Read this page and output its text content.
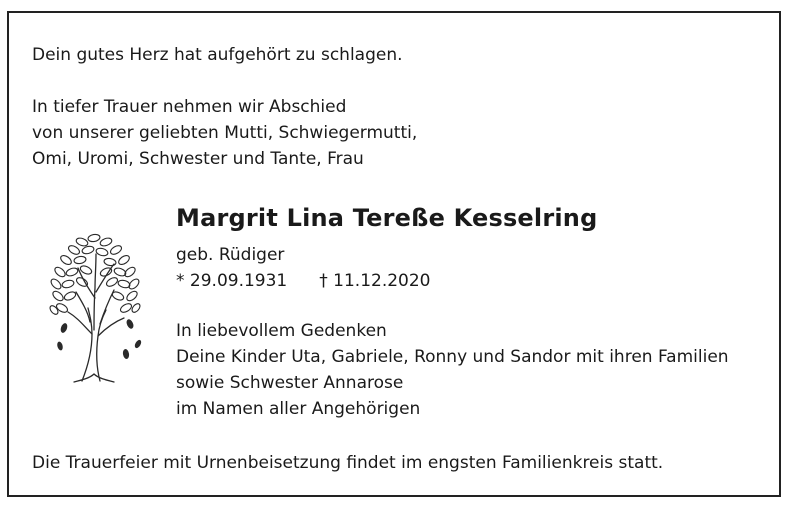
Dein gutes Herz hat aufgehört zu schlagen.
In tiefer Trauer nehmen wir Abschied
von unserer geliebten Mutti, Schwiegermutti,
Omi, Uromi, Schwester und Tante, Frau
Margrit Lina Tereße Kesselring
geb. Rüdiger
* 29.09.1931 † 11.12.2020
In liebevollem Gedenken
Deine Kinder Uta, Gabriele, Ronny und Sandor mit ihren Familien
sowie Schwester Annarose
im Namen aller Angehörigen
Die Trauerfeier mit Urnenbeisetzung findet im engsten Familienkreis statt.
